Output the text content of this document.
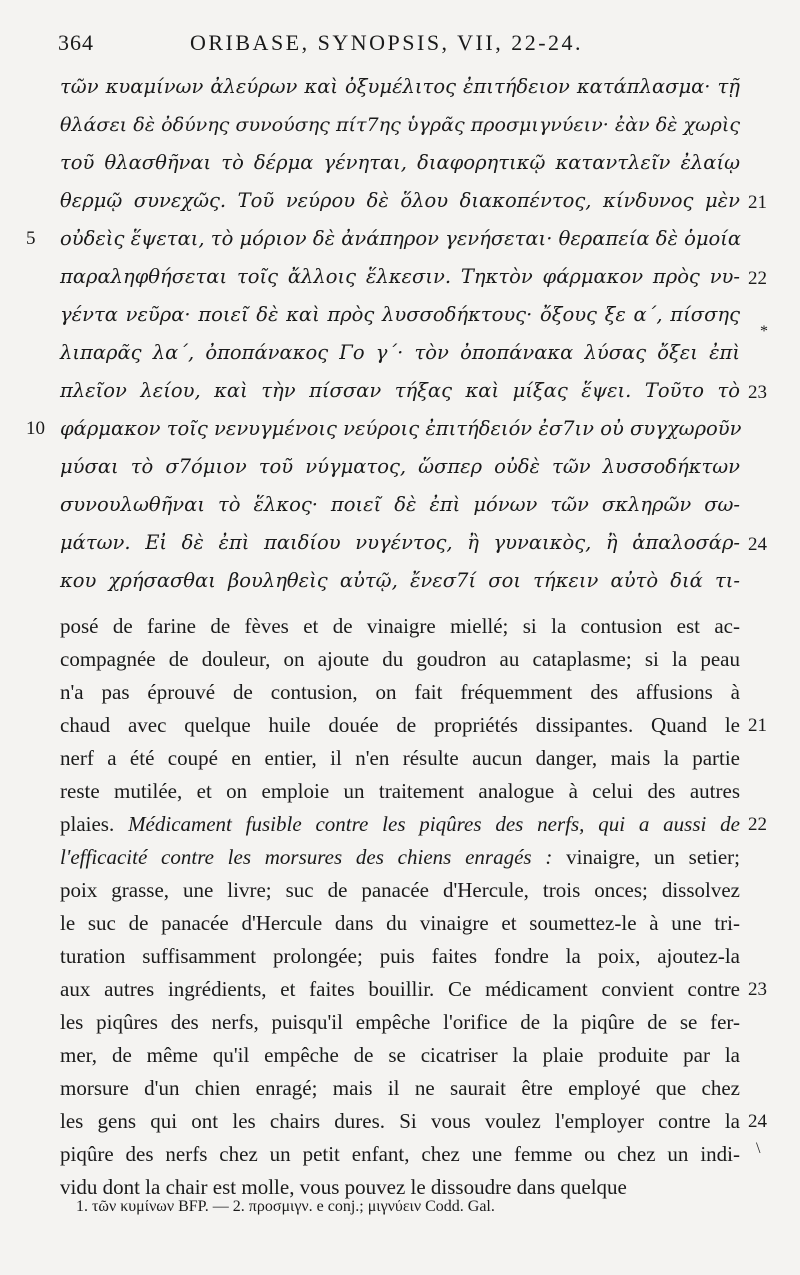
364	ORIBASE, SYNOPSIS, VII, 22-24.
τῶν κυαμίνων ἀλεύρων καὶ ὀξυμέλιτος ἐπιτήδειον κατάπλασμα· τῇ
θλάσει δὲ ὀδύνης συνούσης πίτ7ης ὑγρᾶς προσμιγνύειν· ἐὰν δὲ χωρὶς
τοῦ θλασθῆναι τὸ δέρμα γένηται, διαφορητικῷ καταντλεῖν ἐλαίῳ
θερμῷ συνεχῶς. Τοῦ νεύρου δὲ ὅλου διακοπέντος, κίνδυνος μὲν 21
οὐδεὶς ἕψεται, τὸ μόριον δὲ ἀνάπηρον γενήσεται· θεραπεία δὲ ὁμοία
5
παραληφθήσεται τοῖς ἄλλοις ἕλκεσιν. Τηκτὸν φάρμακον πρὸς νυ- 22
γέντα νεῦρα· ποιεῖ δὲ καὶ πρὸς λυσσοδήκτους· ὄξους ξε α΄, πίσσης
λιπαρᾶς λα΄, ὀποπάνακος Γο γ΄· τὸν ὀποπάνακα λύσας ὄξει ἐπὶ
πλεῖον λείου, καὶ τὴν πίσσαν τήξας καὶ μίξας ἕψει. Τοῦτο τὸ 23
φάρμακον τοῖς νενυγμένοις νεύροις ἐπιτήδειόν ἐσ7ιν οὐ συγχωροῦν
10
μύσαι τὸ σ7όμιον τοῦ νύγματος, ὥσπερ οὐδὲ τῶν λυσσοδήκτων
συνουλωθῆναι τὸ ἕλκος· ποιεῖ δὲ ἐπὶ μόνων τῶν σκληρῶν σω-
μάτων. Εἰ δὲ ἐπὶ παιδίου νυγέντος, ἢ γυναικὸς, ἢ ἁπαλοσάρ- 24
κου χρήσασθαι βουληθεὶς αὐτῷ, ἔνεσ7ί σοι τήκειν αὐτὸ διά τι-
*
posé de farine de fèves et de vinaigre miellé; si la contusion est ac-
compagnée de douleur, on ajoute du goudron au cataplasme; si la peau
n'a pas éprouvé de contusion, on fait fréquemment des affusions à
chaud avec quelque huile douée de propriétés dissipantes. Quand le 21
nerf a été coupé en entier, il n'en résulte aucun danger, mais la partie
reste mutilée, et on emploie un traitement analogue à celui des autres
plaies. Médicament fusible contre les piqûres des nerfs, qui a aussi de 22
l'efficacité contre les morsures des chiens enragés : vinaigre, un setier;
poix grasse, une livre; suc de panacée d'Hercule, trois onces; dissolvez
le suc de panacée d'Hercule dans du vinaigre et soumettez-le à une tri-
turation suffisamment prolongée; puis faites fondre la poix, ajoutez-la
aux autres ingrédients, et faites bouillir. Ce médicament convient contre 23
les piqûres des nerfs, puisqu'il empêche l'orifice de la piqûre de se fer-
mer, de même qu'il empêche de se cicatriser la plaie produite par la
morsure d'un chien enragé; mais il ne saurait être employé que chez
les gens qui ont les chairs dures. Si vous voulez l'employer contre la 24
piqûre des nerfs chez un petit enfant, chez une femme ou chez un indi-
vidu dont la chair est molle, vous pouvez le dissoudre dans quelque
\
1. τῶν κυμίνων BFP. — 2. προσμιγν. e conj.; μιγνύειν Codd. Gal.
